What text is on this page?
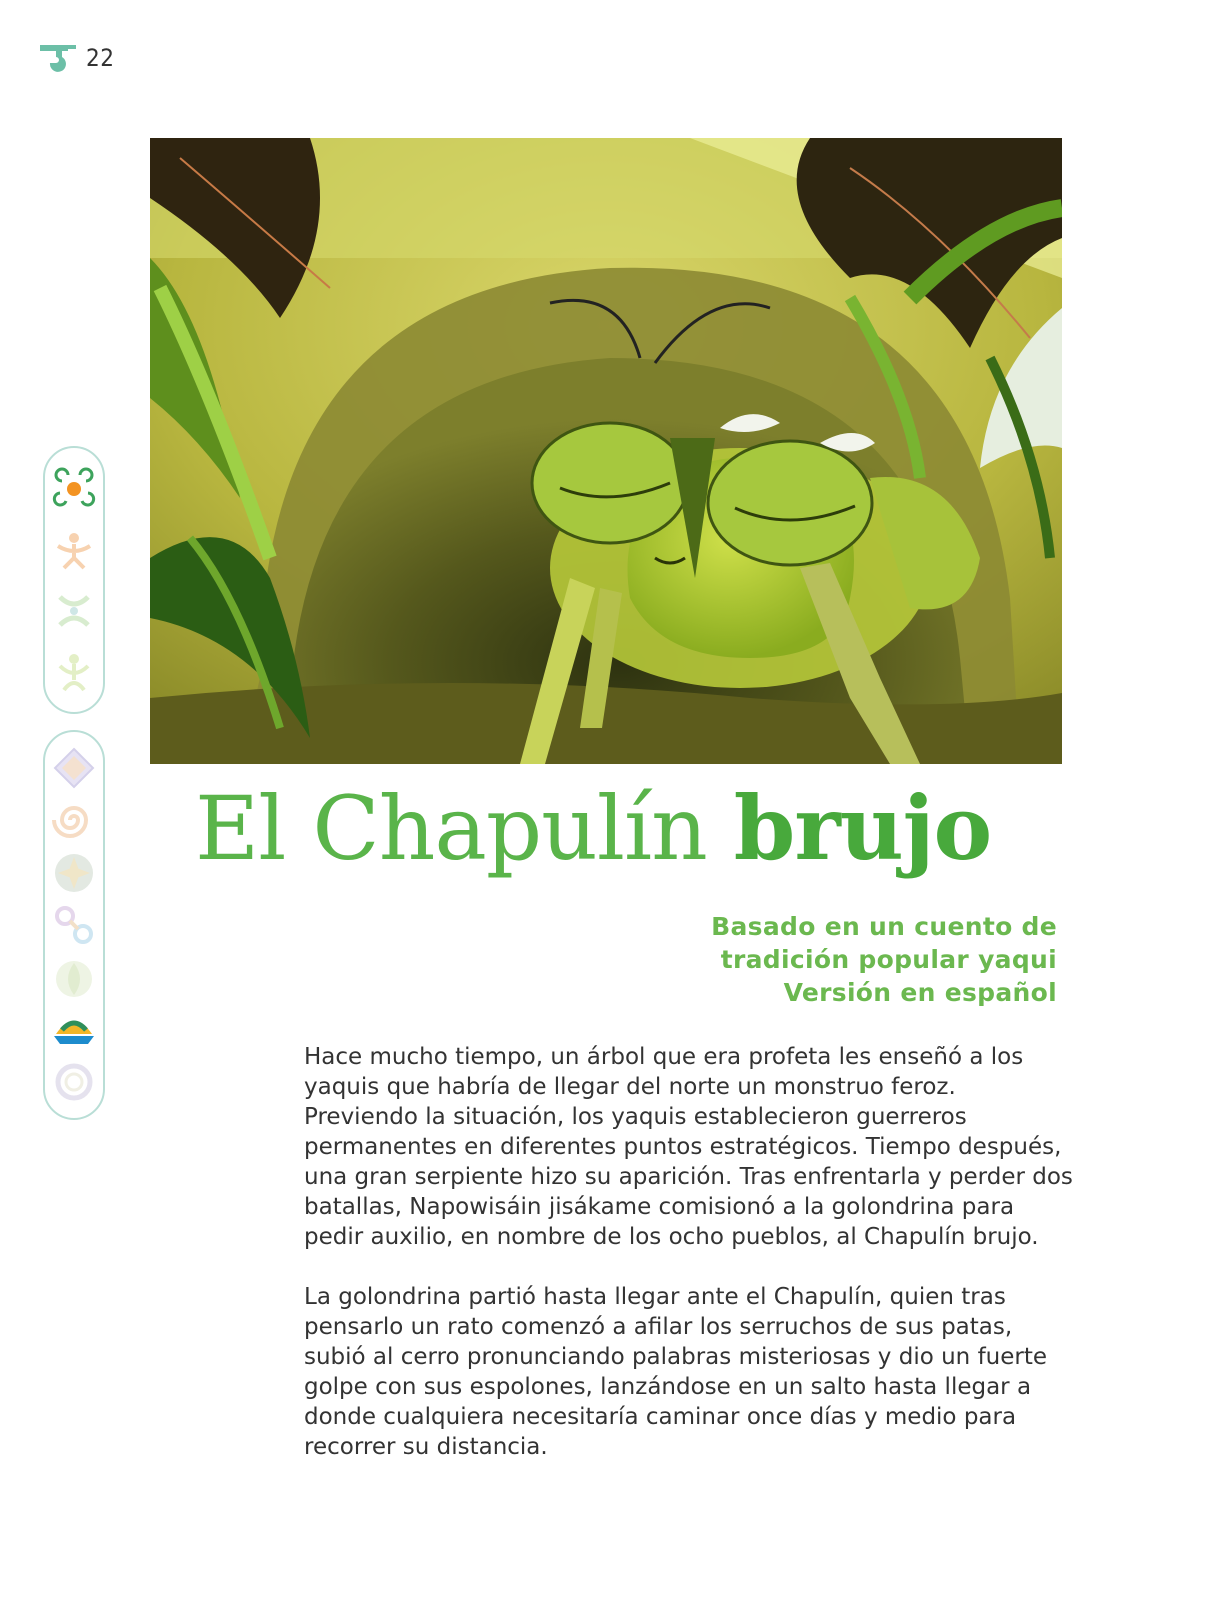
22
El Chapulín brujo
Basado en un cuento de
tradición popular yaqui
Versión en español

Hace mucho tiempo, un árbol que era profeta les enseñó a los yaquis que habría de llegar del norte un monstruo feroz. Previendo la situación, los yaquis establecieron guerreros permanentes en diferentes puntos estratégicos. Tiempo después, una gran serpiente hizo su aparición. Tras enfrentarla y perder dos batallas, Napowisáin jisákame comisionó a la golondrina para pedir auxilio, en nombre de los ocho pueblos, al Chapulín brujo.

La golondrina partió hasta llegar ante el Chapulín, quien tras pensarlo un rato comenzó a afilar los serruchos de sus patas, subió al cerro pronunciando palabras misteriosas y dio un fuerte golpe con sus espolones, lanzándose en un salto hasta llegar a donde cualquiera necesitaría caminar once días y medio para recorrer su distancia.
